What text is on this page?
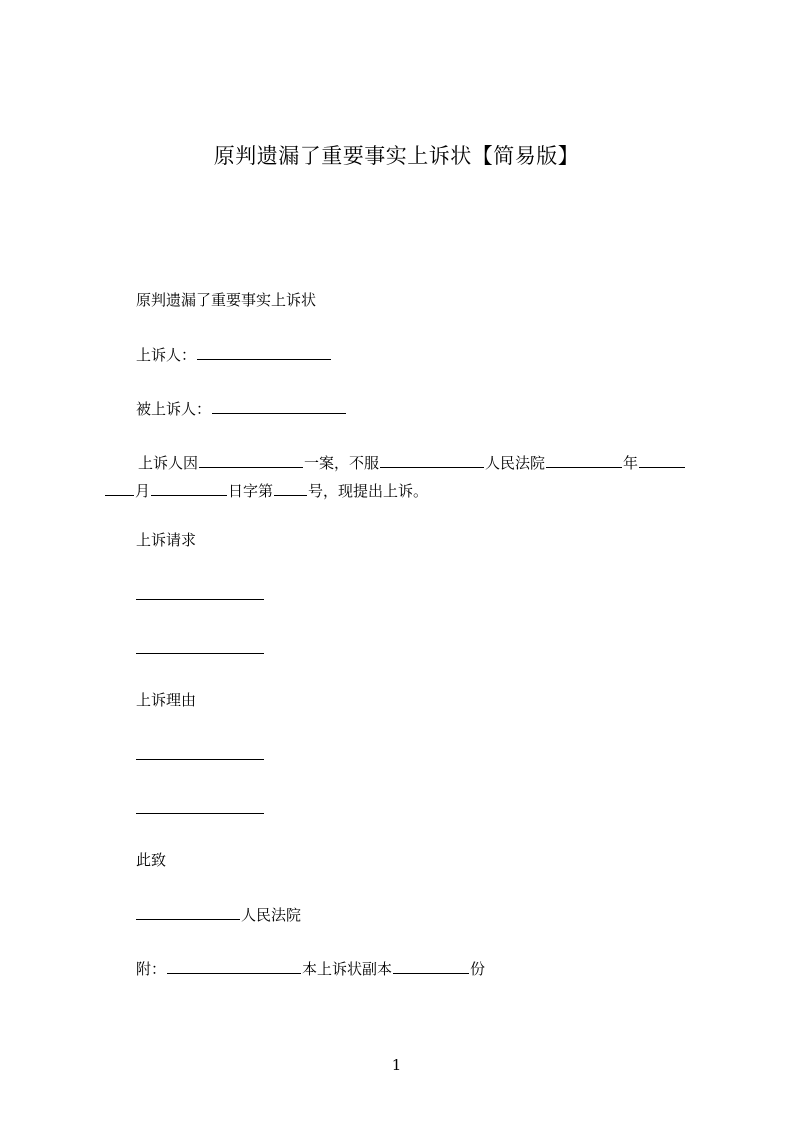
原判遗漏了重要事实上诉状【简易版】
原判遗漏了重要事实上诉状
上诉人：
被上诉人：
上诉人因	一案，不服	人民法院	年
月	日字第 号，现提出上诉。
上诉请求
上诉理由
此致
人民法院
附：	本上诉状副本	份
1
